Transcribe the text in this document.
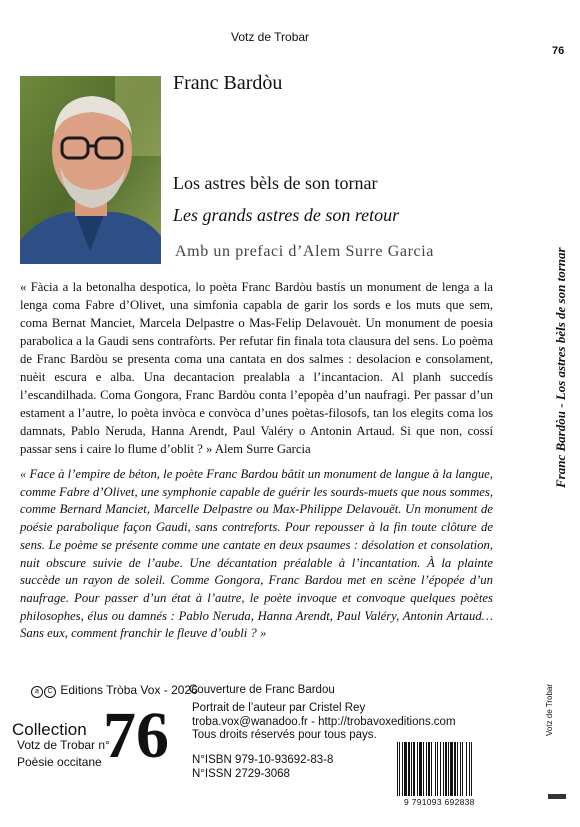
Votz de Trobar
76
Franc Bardòu
Los astres bèls de son tornar
Les grands astres de son retour
Amb un prefaci d’Alem Surre Garcia
« Fàcia a la betonalha despotica, lo poèta Franc Bardòu bastís un monument de lenga a la lenga coma Fabre d’Olivet, una simfonia capabla de garir los sords e los muts que sem, coma Bernat Manciet, Marcela Delpastre o Mas-Felip Delavouèt. Un monument de poesia parabolica a la Gaudi sens contrafòrts. Per refutar fin finala tota clausura del sens. Lo poèma de Franc Bardòu se presenta coma una cantata en dos salmes : desolacion e consolament, nuèit escura e alba. Una decantacion prealabla a l’incantacion. Al planh succedís l’escandilhada. Coma Gongora, Franc Bardòu conta l’epopèa d’un naufragi. Per passar d’un estament a l’autre, lo poèta invòca e convòca d’unes poètas-filosofs, tan los elegits coma los damnats, Pablo Neruda, Hanna Arendt, Paul Valéry o Antonin Artaud. Si que non, cossí passar sens i caire lo flume d’oblit ? » Alem Surre Garcia
« Face à l’empire de béton, le poète Franc Bardou bâtit un monument de langue à la langue, comme Fabre d’Olivet, une symphonie capable de guérir les sourds-muets que nous sommes, comme Bernard Manciet, Marcelle Delpastre ou Max-Philippe Delavouët. Un monument de poésie parabolique façon Gaudi, sans contreforts. Pour repousser à la fin toute clôture de sens. Le poème se présente comme une cantate en deux psaumes : désolation et consolation, nuit obscure suivie de l’aube. Une décantation préalable à l’incantation. À la plainte succède un rayon de soleil. Comme Gongora, Franc Bardou met en scène l’épopée d’un naufrage. Pour passer d’un état à l’autre, le poète invoque et convoque quelques poètes philosophes, élus ou damnés : Pablo Neruda, Hanna Arendt, Paul Valéry, Antonin Artaud… Sans eux, comment franchir le fleuve d’oubli ? »
Franc Bardòu - Los astres bèls de son tornar
Votz de Trobar
a C Editions Tròba Vox - 2026
Couverture de Franc Bardou
Collection
Votz de Trobar n°
Poèsie occitane 76 Portrait de l’auteur par Cristel Rey
troba.vox@wanadoo.fr - http://trobavoxeditions.com
Tous droits réservés pour tous pays.
N°ISBN 979-10-93692-83-8
N°ISSN 2729-3068
9 791093 692838
